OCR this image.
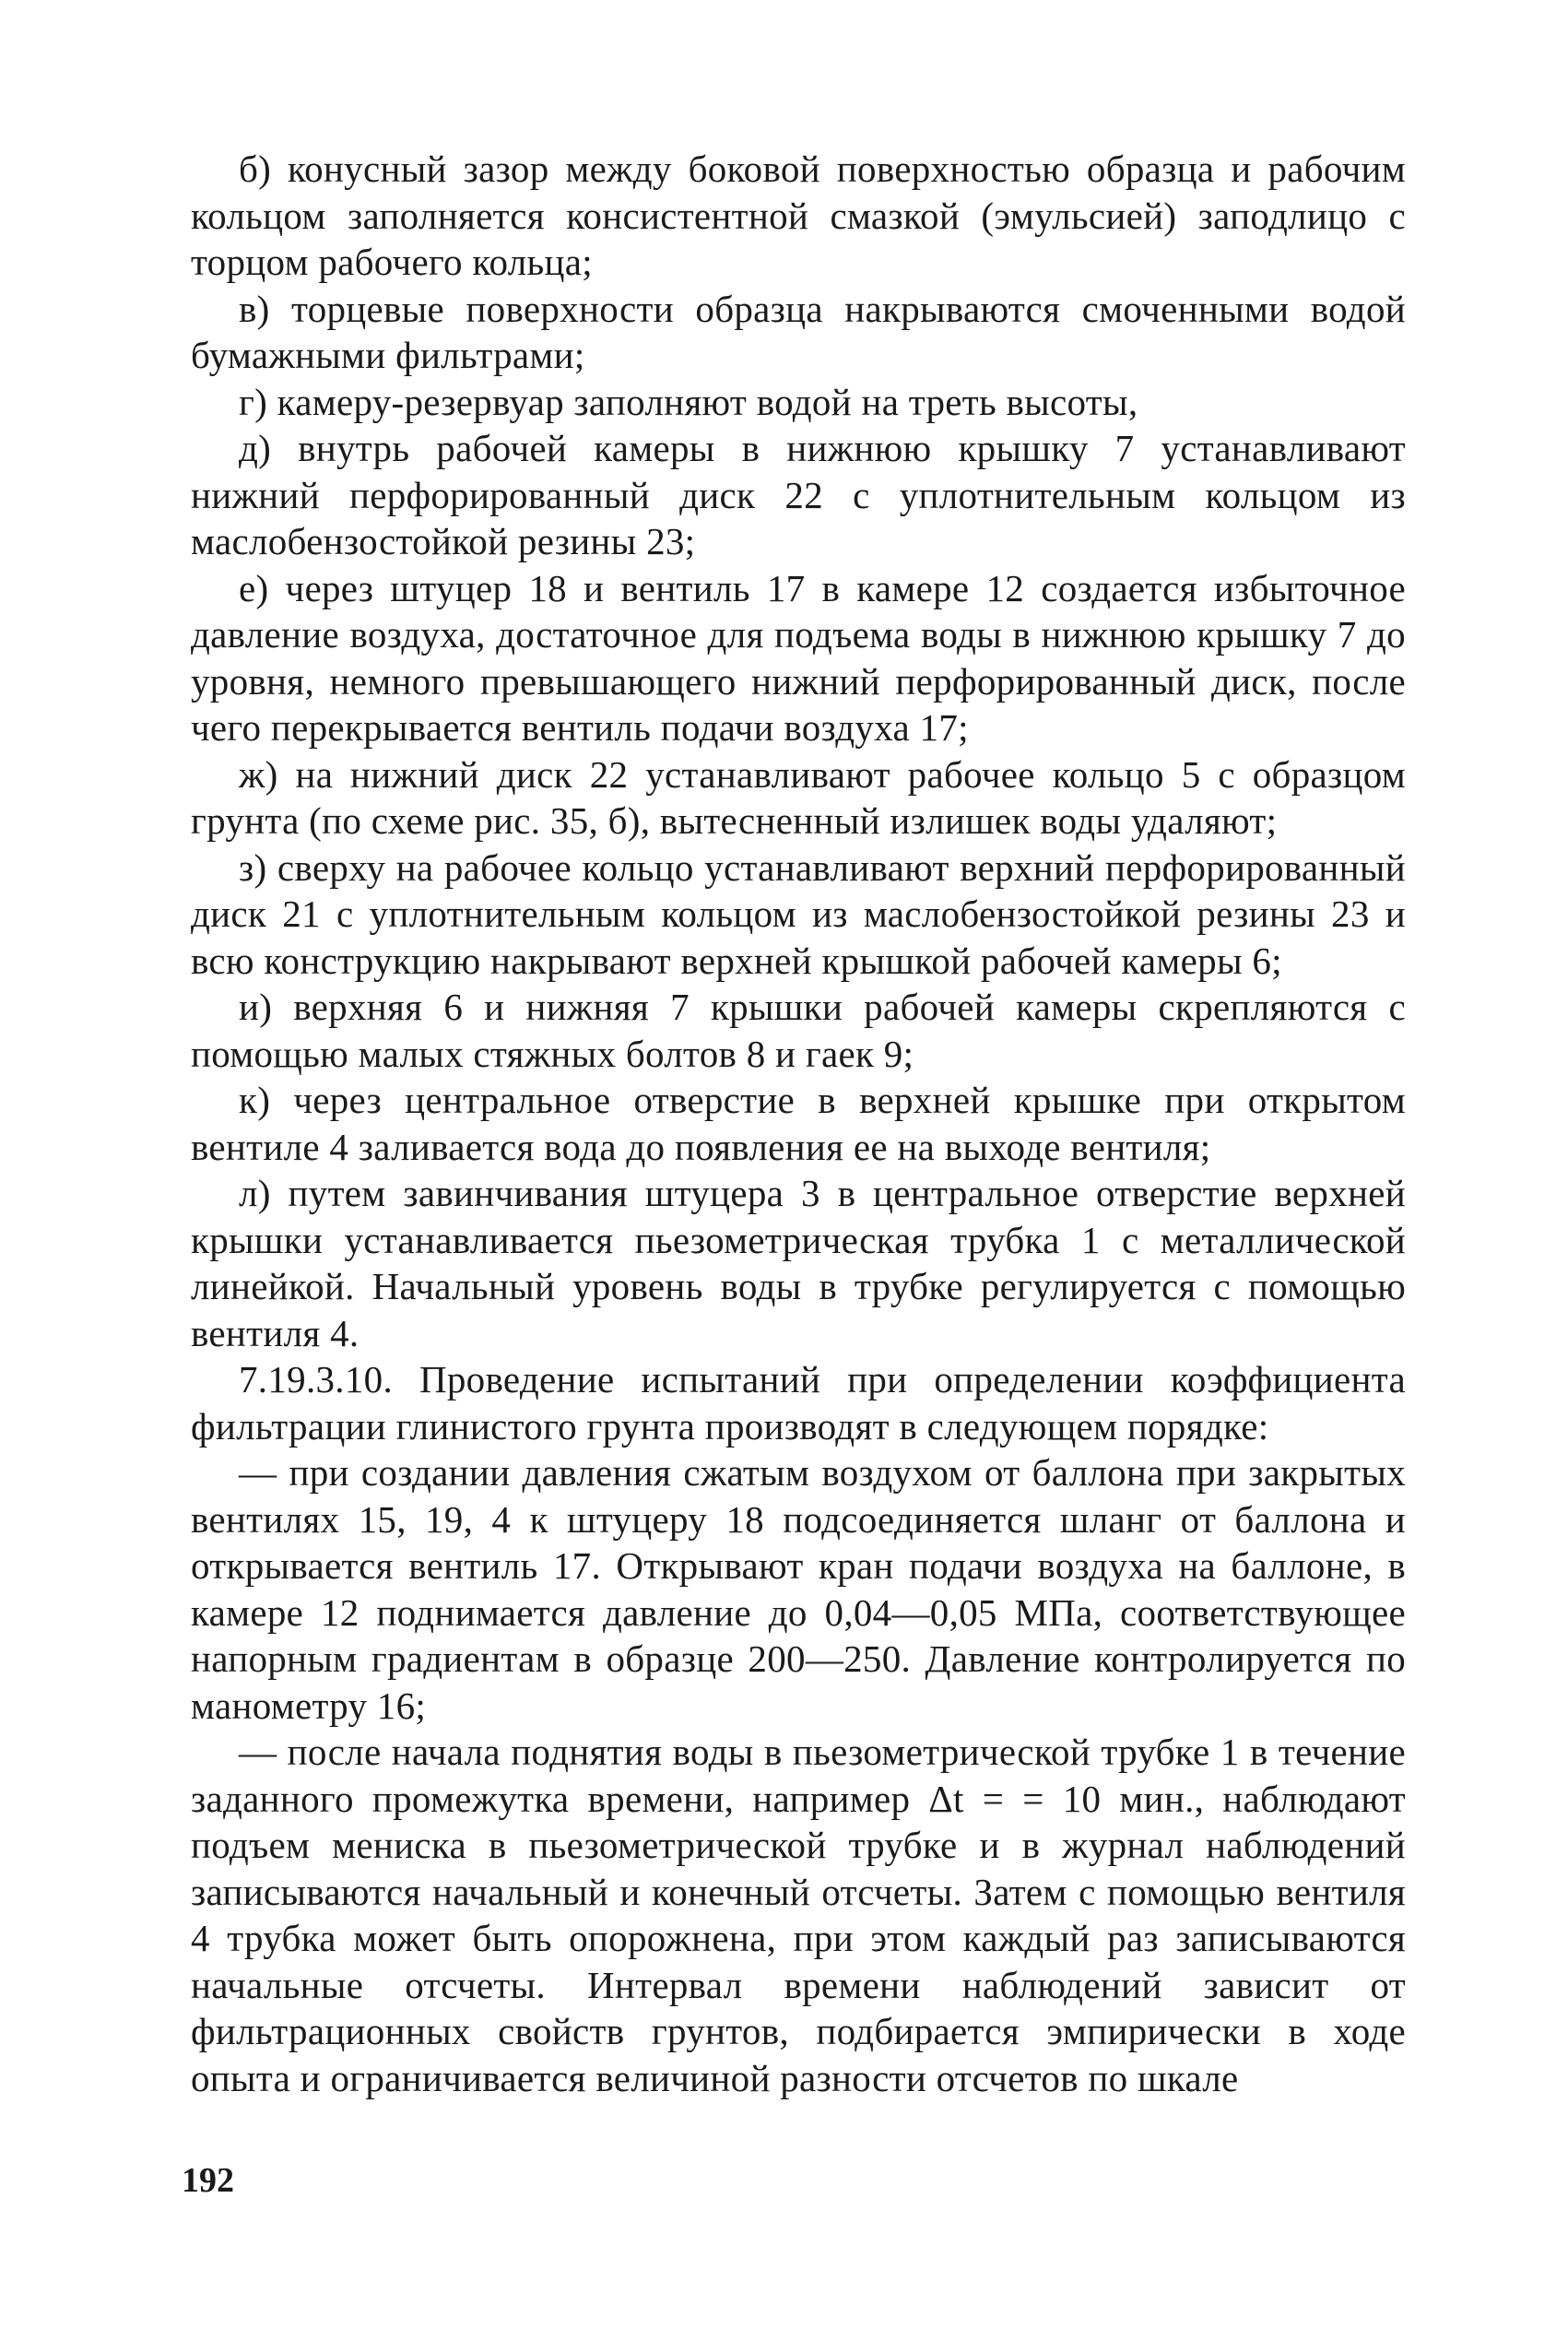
б) конусный зазор между боковой поверхностью образца и рабочим кольцом заполняется консистентной смазкой (эмульсией) заподлицо с торцом рабочего кольца;

в) торцевые поверхности образца накрываются смоченными водой бумажными фильтрами;

г) камеру-резервуар заполняют водой на треть высоты,

д) внутрь рабочей камеры в нижнюю крышку 7 устанавливают нижний перфорированный диск 22 с уплотнительным кольцом из маслобензостойкой резины 23;

е) через штуцер 18 и вентиль 17 в камере 12 создается избыточное давление воздуха, достаточное для подъема воды в нижнюю крышку 7 до уровня, немного превышающего нижний перфорированный диск, после чего перекрывается вентиль подачи воздуха 17;

ж) на нижний диск 22 устанавливают рабочее кольцо 5 с образцом грунта (по схеме рис. 35, б), вытесненный излишек воды удаляют;

з) сверху на рабочее кольцо устанавливают верхний перфорированный диск 21 с уплотнительным кольцом из маслобензостойкой резины 23 и всю конструкцию накрывают верхней крышкой рабочей камеры 6;

и) верхняя 6 и нижняя 7 крышки рабочей камеры скрепляются с помощью малых стяжных болтов 8 и гаек 9;

к) через центральное отверстие в верхней крышке при открытом вентиле 4 заливается вода до появления ее на выходе вентиля;

л) путем завинчивания штуцера 3 в центральное отверстие верхней крышки устанавливается пьезометрическая трубка 1 с металлической линейкой. Начальный уровень воды в трубке регулируется с помощью вентиля 4.

7.19.3.10. Проведение испытаний при определении коэффициента фильтрации глинистого грунта производят в следующем порядке:

— при создании давления сжатым воздухом от баллона при закрытых вентилях 15, 19, 4 к штуцеру 18 подсоединяется шланг от баллона и открывается вентиль 17. Открывают кран подачи воздуха на баллоне, в камере 12 поднимается давление до 0,04—0,05 МПа, соответствующее напорным градиентам в образце 200—250. Давление контролируется по манометру 16;

— после начала поднятия воды в пьезометрической трубке 1 в течение заданного промежутка времени, например Δt = = 10 мин., наблюдают подъем мениска в пьезометрической трубке и в журнал наблюдений записываются начальный и конечный отсчеты. Затем с помощью вентиля 4 трубка может быть опорожнена, при этом каждый раз записываются начальные отсчеты. Интервал времени наблюдений зависит от фильтрационных свойств грунтов, подбирается эмпирически в ходе опыта и ограничивается величиной разности отсчетов по шкале

192
